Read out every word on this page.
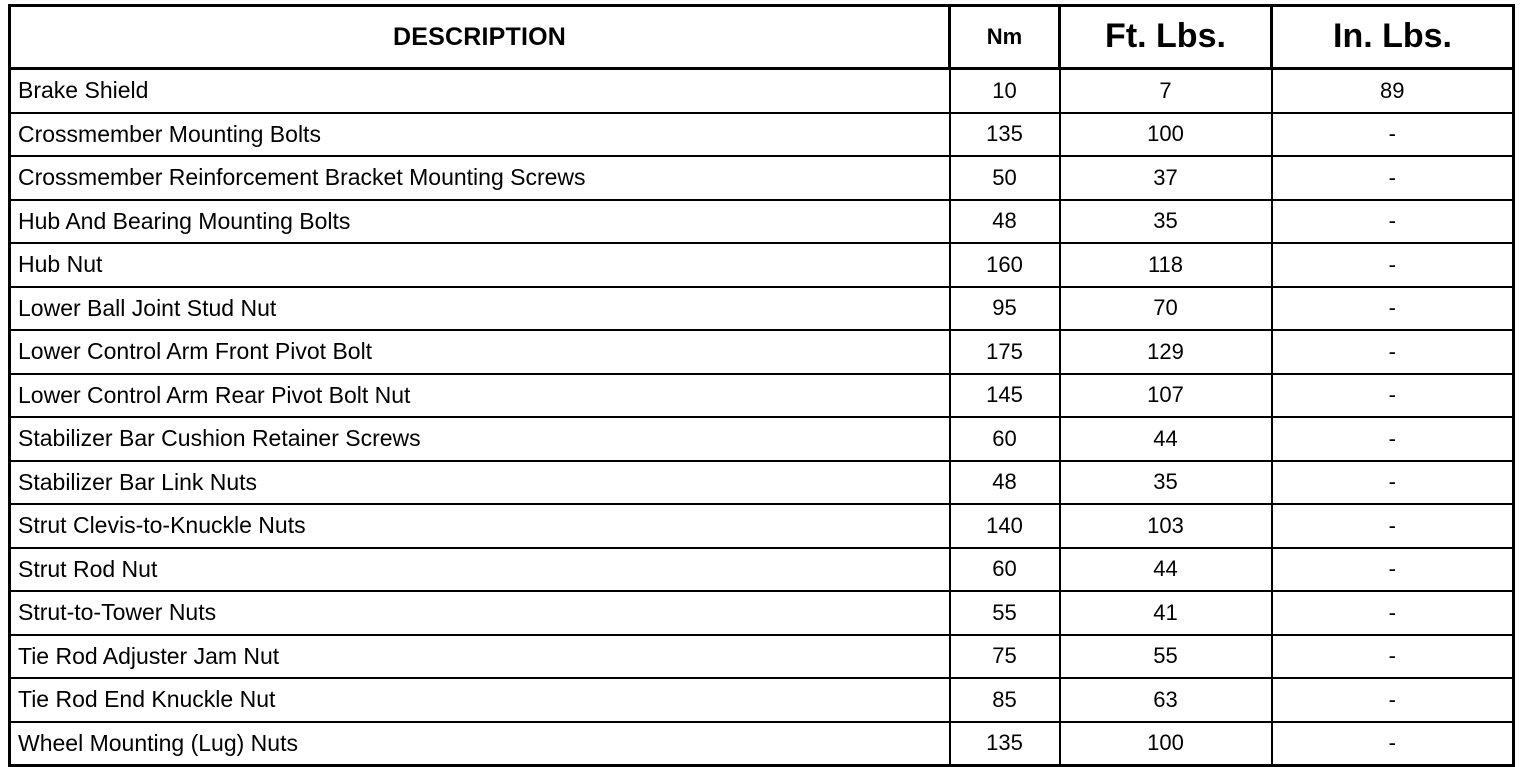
DESCRIPTION	Nm	Ft. Lbs.	In. Lbs.
Brake Shield	10	7	89
Crossmember Mounting Bolts	135	100	-
Crossmember Reinforcement Bracket Mounting Screws	50	37	-
Hub And Bearing Mounting Bolts	48	35	-
Hub Nut	160	118	-
Lower Ball Joint Stud Nut	95	70	-
Lower Control Arm Front Pivot Bolt	175	129	-
Lower Control Arm Rear Pivot Bolt Nut	145	107	-
Stabilizer Bar Cushion Retainer Screws	60	44	-
Stabilizer Bar Link Nuts	48	35	-
Strut Clevis-to-Knuckle Nuts	140	103	-
Strut Rod Nut	60	44	-
Strut-to-Tower Nuts	55	41	-
Tie Rod Adjuster Jam Nut	75	55	-
Tie Rod End Knuckle Nut	85	63	-
Wheel Mounting (Lug) Nuts	135	100	-
